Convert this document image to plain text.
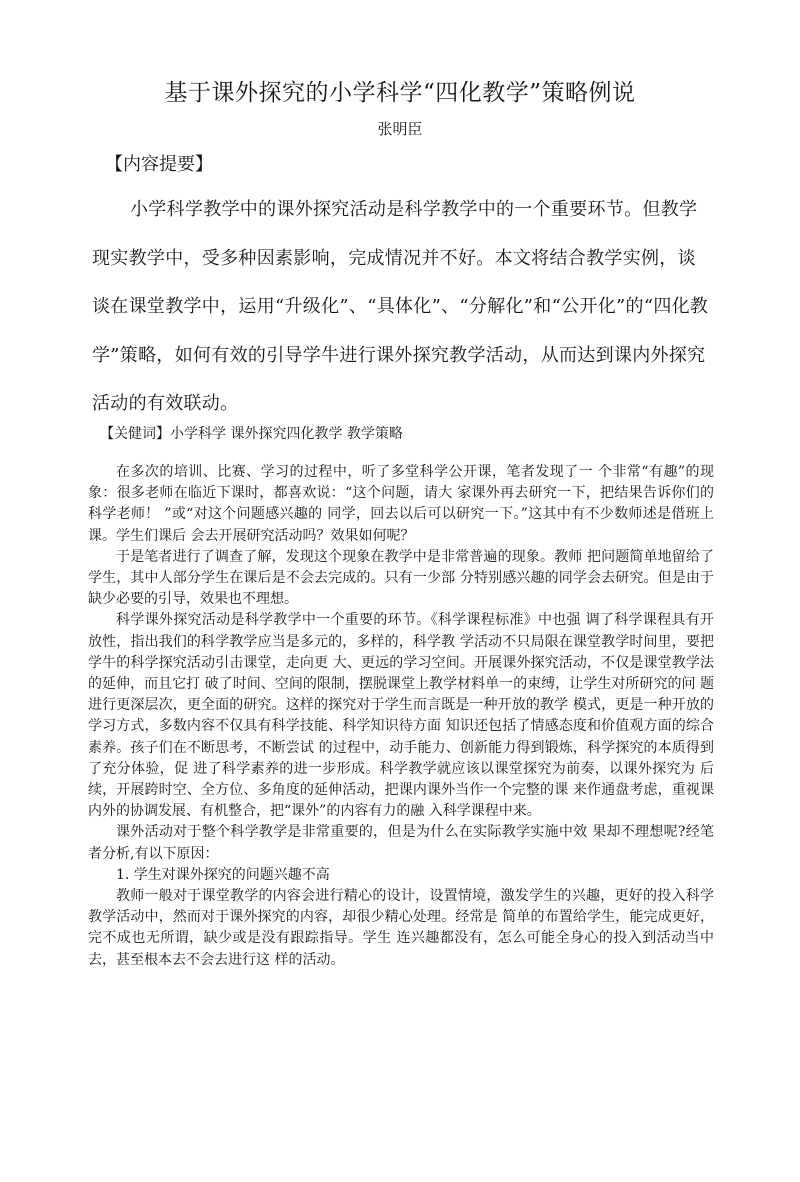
基于课外探究的小学科学“四化教学”策略例说

张明臣

【内容提要】

小学科学教学中的课外探究活动是科学教学中的一个重要环节。但教学现实教学中，受多种因素影响，完成情况并不好。本文将结合教学实例，谈谈在课堂教学中，运用“升级化”、“具体化”、“分解化”和“公开化”的“四化教学”策略，如何有效的引导学牛进行课外探究教学活动，从而达到课内外探究活动的有效联动。

【关健词】小学科学 课外探究四化教学 教学策略

在多次的培训、比赛、学习的过程中，听了多堂科学公开课，笔者发现了一 个非常“有趣”的现象：很多老师在临近下课时，都喜欢说：“这个问题，请大 家课外再去研究一下，把结果告诉你们的科学老师！ ”或“对这个问题感兴趣的 同学，回去以后可以研究一下。”这其中有不少数师述是借班上课。学生们课后 会去开展研究活动吗？效果如何呢？

于是笔者进行了调查了解，发现这个现象在教学中是非常普遍的现象。教师 把问题简单地留给了学生，其中人部分学生在课后是不会去完成的。只有一少部 分特别感兴趣的同学会去研究。但是由于缺少必要的引导，效果也不理想。

科学课外探究活动是科学教学中一个重要的环节。《科学课程标准》中也强 调了科学课程具有开放性，指出我们的科学教学应当是多元的，多样的，科学教 学活动不只局限在课堂教学时间里，要把学牛的科学探究活动引击课堂，走向更 大、更远的学习空间。开展课外探究活动，不仅是课堂教学法的延伸，而且它打 破了时间、空间的限制，摆脱课堂上教学材料单一的束缚，让学生对所研究的问 题进行更深层次，更全面的研究。这样的探究对于学生而言既是一种开放的教学 模式，更是一种开放的学习方式，多数内容不仅具有科学技能、科学知识待方面 知识还包括了情感态度和价值观方面的综合素养。孩子们在不断思考，不断尝试 的过程中，动手能力、创新能力得到锻炼，科学探究的本质得到了充分体验，促 进了科学素养的进一步形成。科学教学就应该以课堂探究为前奏，以课外探究为 后续，开展跨时空、全方位、多角度的延伸活动，把课内课外当作一个完整的课 来作通盘考虑，重视课内外的协调发展、有机整合，把“课外”的内容有力的融 入科学课程中来。

课外活动对于整个科学教学是非常重要的，但是为什么在实际教学实施中效 果却不理想呢?经笔者分析,有以下原因：

1. 学生对课外探究的问题兴趣不高

教师一般对于课堂教学的内容会进行精心的设计，设置情境，激发学生的兴趣，更好的投入科学教学活动中，然而对于课外探究的内容，却很少精心处理。经常是 简单的布置给学生，能完成更好，完不成也无所谓，缺少或是没有跟踪指导。学生 连兴趣都没有，怎么可能全身心的投入到活动当中去，甚至根本去不会去进行这 样的活动。
